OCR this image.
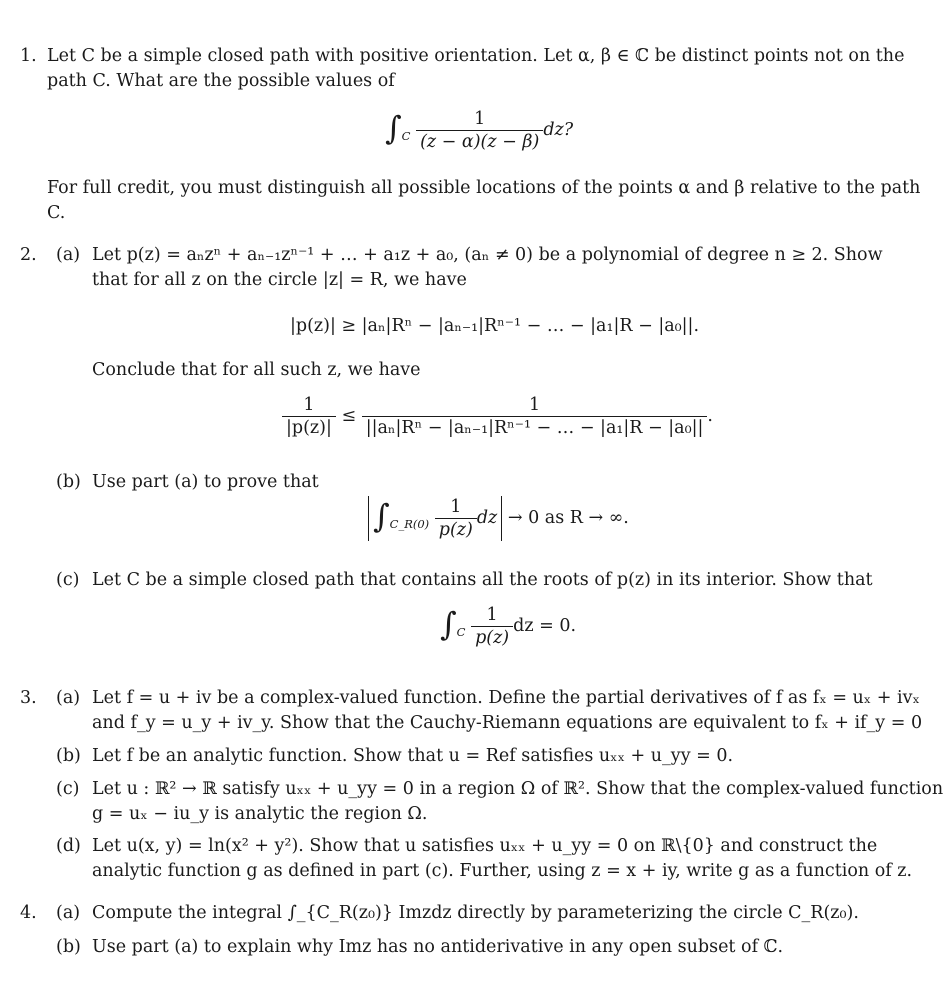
1. Let C be a simple closed path with positive orientation. Let α, β ∈ ℂ be distinct points not on the
path C. What are the possible values of
$\int_C \frac{1}{(z - \alpha)(z - \beta)}$ dz?
For full credit, you must distinguish all possible locations of the points α and β relative to the path
C.
2. (a) Let p(z) = aₙzⁿ + aₙ₋₁zⁿ⁻¹ + … + a₁z + a₀, (aₙ ≠ 0) be a polynomial of degree n ≥ 2. Show
that for all z on the circle |z| = R, we have
|p(z)| ≥ |aₙ|Rⁿ − |aₙ₋₁|Rⁿ⁻¹ − … − |a₁|R − |a₀||.
Conclude that for all such z, we have
$\frac{1}{|p(z)|} \le \frac{1}{\text{||aₙ|Rⁿ − |aₙ₋₁|Rⁿ⁻¹ − … − |a₁|R − |a₀||}}$ .
(b) Use part (a) to prove that
$\int_{C\_R(0)} \frac{1}{p(z)}$ dz → 0 as R → ∞.
(c) Let C be a simple closed path that contains all the roots of p(z) in its interior. Show that
$\int_C \frac{1}{p(z)}$ dz = 0.
3. (a) Let f = u + iv be a complex-valued function. Define the partial derivatives of f as fₓ = uₓ + ivₓ
and f_y = u_y + iv_y. Show that the Cauchy-Riemann equations are equivalent to fₓ + if_y = 0
(b) Let f be an analytic function. Show that u = Ref satisfies uₓₓ + u_yy = 0.
(c) Let u : ℝ² → ℝ satisfy uₓₓ + u_yy = 0 in a region Ω of ℝ². Show that the complex-valued function
g = uₓ − iu_y is analytic the region Ω.
(d) Let u(x, y) = ln(x² + y²). Show that u satisfies uₓₓ + u_yy = 0 on ℝ\{0} and construct the
analytic function g as defined in part (c). Further, using z = x + iy, write g as a function of z.
4. (a) Compute the integral ∫_{C_R(z₀)} Imzdz directly by parameterizing the circle C_R(z₀).
(b) Use part (a) to explain why Imz has no antiderivative in any open subset of ℂ.
